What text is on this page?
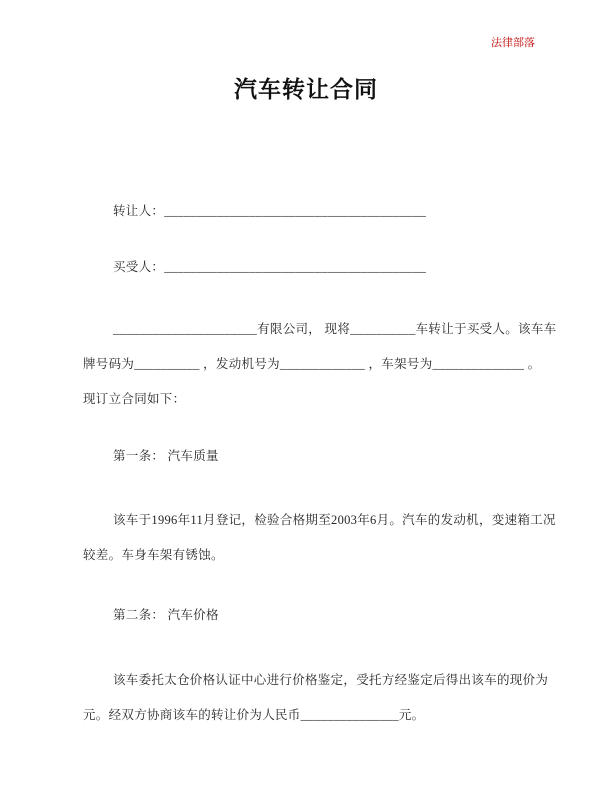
法律部落
汽车转让合同
转让人：________________________________________
买受人：________________________________________
______________________有限公司， 现将__________车转让于买受人。该车车
牌号码为__________ ，发动机号为_____________ ，车架号为______________ 。
现订立合同如下：
第一条： 汽车质量
该车于1996年11月登记，检验合格期至2003年6月。汽车的发动机，变速箱工况
较差。车身车架有锈蚀。
第二条： 汽车价格
该车委托太仓价格认证中心进行价格鉴定，受托方经鉴定后得出该车的现价为
元。经双方协商该车的转让价为人民币_______________元。
